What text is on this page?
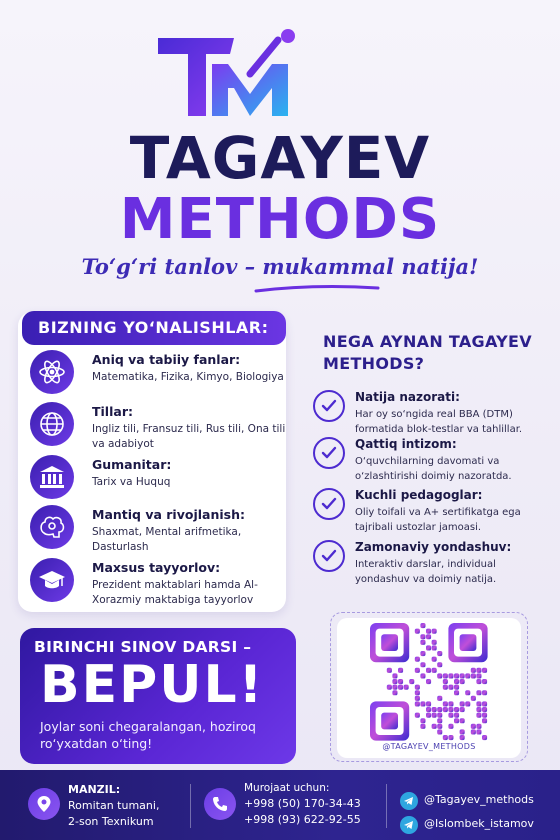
TAGAYEV
METHODS
To‘g‘ri tanlov – mukammal natija!
BIZNING YO‘NALISHLAR:
Aniq va tabiiy fanlar:
Matematika, Fizika, Kimyo, Biologiya
Tillar:
Ingliz tili, Fransuz tili, Rus tili, Ona tili va adabiyot
Gumanitar:
Tarix va Huquq
Mantiq va rivojlanish:
Shaxmat, Mental arifmetika, Dasturlash
Maxsus tayyorlov:
Prezident maktablari hamda Al-Xorazmiy maktabiga tayyorlov
NEGA AYNAN TAGAYEV METHODS?
Natija nazorati:
Har oy so‘ngida real BBA (DTM) formatida blok-testlar va tahlillar.
Qattiq intizom:
O‘quvchilarning davomati va o‘zlashtirishi doimiy nazoratda.
Kuchli pedagoglar:
Oliy toifali va A+ sertifikatga ega tajribali ustozlar jamoasi.
Zamonaviy yondashuv:
Interaktiv darslar, individual yondashuv va doimiy natija.
BIRINCHI SINOV DARSI –
BEPUL!
Joylar soni chegaralangan, hoziroq ro‘yxatdan o‘ting!	@TAGAYEV_METHODS
MANZIL:
Romitan tumani,
2-son Texnikum
Murojaat uchun:
+998 (50) 170-34-43
+998 (93) 622-92-55
@Tagayev_methods
@Islombek_istamov
